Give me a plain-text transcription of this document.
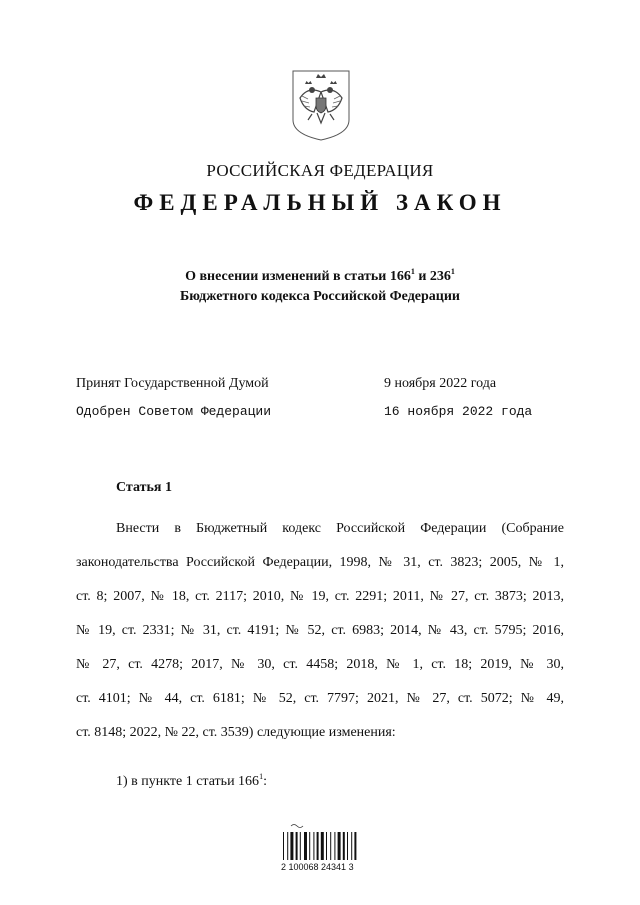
РОССИЙСКАЯ ФЕДЕРАЦИЯ
ФЕДЕРАЛЬНЫЙ ЗАКОН
О внесении изменений в статьи $166^1$ и $236^1$
Бюджетного кодекса Российской Федерации
Принят Государственной Думой	9 ноября 2022 года
Одобрен Советом Федерации	16 ноября 2022 года
Статья 1
Внести в Бюджетный кодекс Российской Федерации (Собрание
законодательства Российской Федерации, 1998, № 31, ст. 3823; 2005, № 1,
ст. 8; 2007, № 18, ст. 2117; 2010, № 19, ст. 2291; 2011, № 27, ст. 3873; 2013,
№ 19, ст. 2331; № 31, ст. 4191; № 52, ст. 6983; 2014, № 43, ст. 5795; 2016,
№ 27, ст. 4278; 2017, № 30, ст. 4458; 2018, № 1, ст. 18; 2019, № 30,
ст. 4101; № 44, ст. 6181; № 52, ст. 7797; 2021, № 27, ст. 5072; № 49,
ст. 8148; 2022, № 22, ст. 3539) следующие изменения:
1) в пункте 1 статьи $166^1$:
2 100068 24341 3
